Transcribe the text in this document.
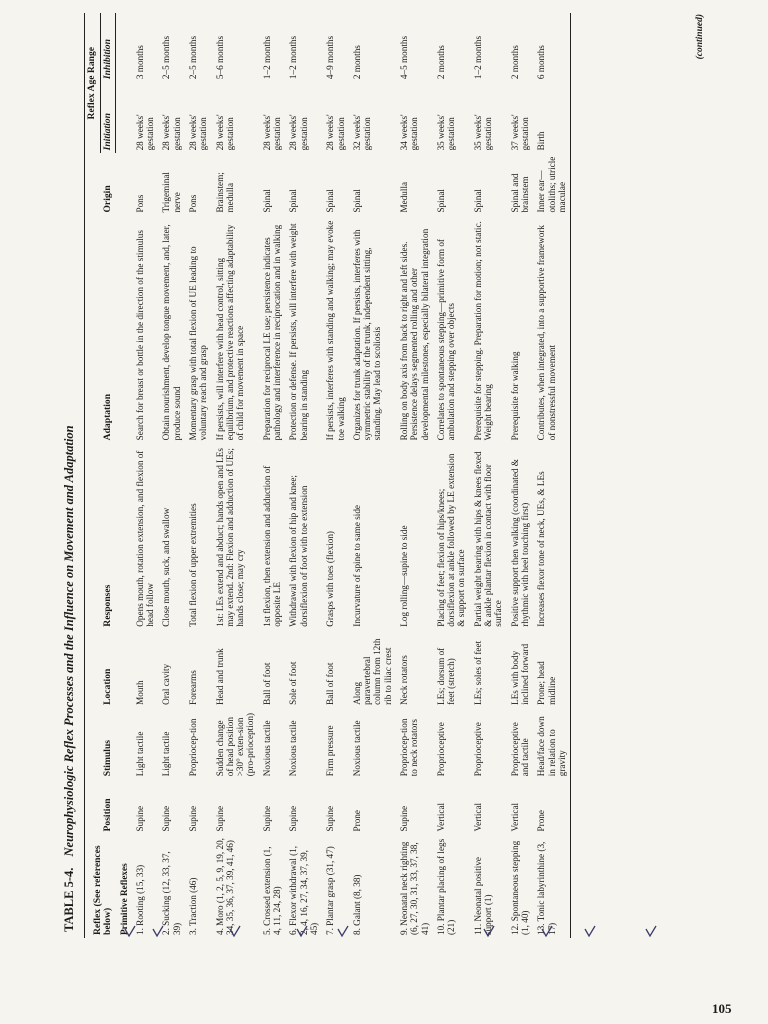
TABLE 5-4. Neurophysiologic Reflex Processes and the Influence on Movement and Adaptation
Reflex (See references below)	Position	Stimulus	Location	Responses	Adaptation	Origin	Reflex Age Range	
							Initiation	Inhibition
Primitive Reflexes								
1. Rooting (15, 33)	Supine	Light tactile	Mouth	Opens mouth, rotation extension, and flexion of head follow	Search for breast or bottle in the direction of the stimulus	Pons	28 weeks' gestation	3 months
2. Sucking (12, 33, 37, 39)	Supine	Light tactile	Oral cavity	Close mouth, suck, and swallow	Obtain nourishment, develop tongue movement, and, later, produce sound	Trigeminal nerve	28 weeks' gestation	2–5 months
3. Traction (46)	Supine	Propriocep-tion	Forearms	Total flexion of upper extremities	Momentary grasp with total flexion of UE leading to voluntary reach and grasp	Pons	28 weeks' gestation	2–5 months
4. Moro (1, 2, 5, 9, 19, 20, 34, 35, 36, 37, 39, 41, 46)	Supine	Sudden change of head position >30° exten-sion (pro-prioception)	Head and trunk	1st: LEs extend and abduct; hands open and LEs may extend. 2nd: Flexion and adduction of UEs; hands close; may cry	If persists, will interfere with head control, sitting equilibrium, and protective reactions affecting adaptability of child for movement in space	Brainstem; medulla	28 weeks' gestation	5–6 months
5. Crossed extension (1, 4, 11, 24, 28)	Supine	Noxious tactile	Ball of foot	1st flexion, then extension and adduction of opposite LE	Preparation for reciprocal LE use; persistence indicates pathology and interference in reciprocation and in walking	Spinal	28 weeks' gestation	1–2 months
6. Flexor withdrawal (1, 2, 4, 16, 27, 34, 37, 39, 45)	Supine	Noxious tactile	Sole of foot	Withdrawal with flexion of hip and knee; dorsiflexion of foot with toe extension	Protection or defense. If persists, will interfere with weight bearing in standing	Spinal	28 weeks' gestation	1–2 months
7. Plantar grasp (31, 47)	Supine	Firm pressure	Ball of foot	Grasps with toes (flexion)	If persists, interferes with standing and walking; may evoke toe walking	Spinal	28 weeks' gestation	4–9 months
8. Galant (8, 38)	Prone	Noxious tactile	Along paravertebral column from 12th rib to iliac crest	Incurvature of spine to same side	Organizes for trunk adaptation. If persists, interferes with symmetric stability of the trunk, independent sitting, standing. May lead to scoliosis	Spinal	32 weeks' gestation	2 months
9. Neonatal neck righting (6, 27, 30, 31, 33, 37, 38, 41)	Supine	Propriocep-tion to neck rotators	Neck rotators	Log rolling—supine to side	Rolling on body axis from back to right and left sides. Persistence delays segmented rolling and other developmental milestones, especially bilateral integration	Medulla	34 weeks' gestation	4–5 months
10. Plantar placing of legs (21)	Vertical	Proprioceptive	LEs; dorsum of feet (stretch)	Placing of feet; flexion of hips/knees; dorsiflexion at ankle followed by LE extension & support on surface	Correlates to spontaneous stepping—primitive form of ambulation and stepping over objects	Spinal	35 weeks' gestation	2 months
11. Neonatal positive support (1)	Vertical	Proprioceptive	LEs; soles of feet	Partial weight bearing with hips & knees flexed & ankle plantar flexion in contact with floor surface	Prerequisite for stepping. Preparation for motion; not static. Weight bearing	Spinal	35 weeks' gestation	1–2 months
12. Spontaneous stepping (1, 40)	Vertical	Proprioceptive and tactile	LEs with body inclined forward	Positive support then walking (coordinated & rhythmic with heel touching first)	Prerequisite for walking	Spinal and brainstem	37 weeks' gestation	2 months
13. Tonic labyrinthine (3, 17)	Prone	Head/face down in relation to gravity	Prone; head midline	Increases flexor tone of neck, UEs, & LEs	Contributes, when integrated, into a supportive framework of nonstressful movement	Inner ear—otoliths; utricle maculae	Birth	6 months
(continued)
105
